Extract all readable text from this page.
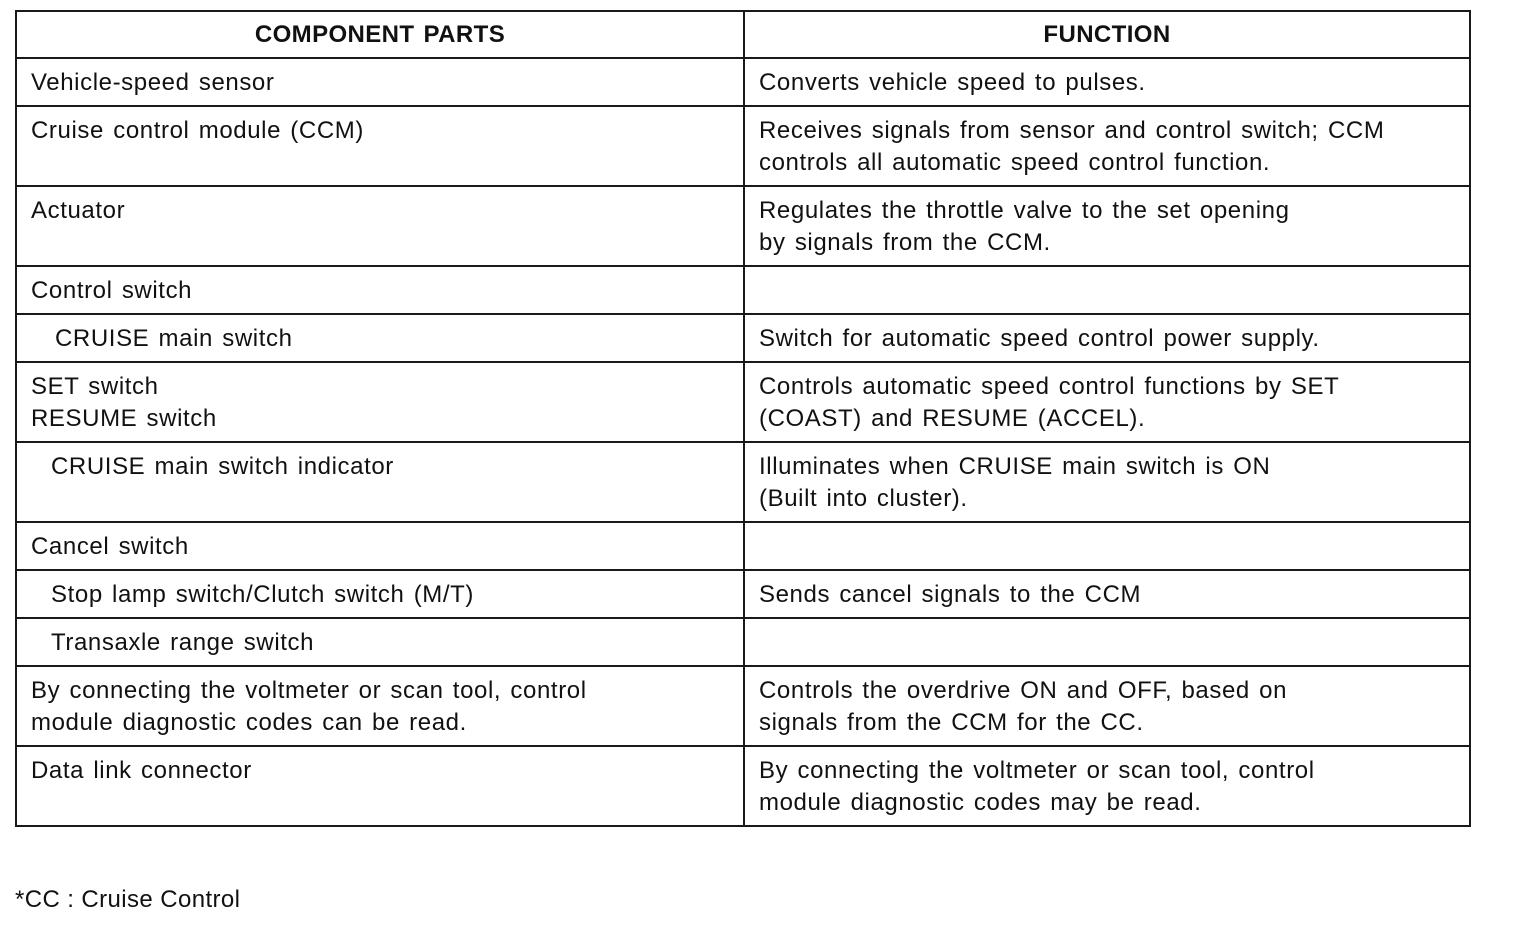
COMPONENT PARTS	FUNCTION
Vehicle-speed sensor	Converts vehicle speed to pulses.
Cruise control module (CCM)	Receives signals from sensor and control switch; CCM
controls all automatic speed control function.
Actuator	Regulates the throttle valve to the set opening
by signals from the CCM.
Control switch	
CRUISE main switch	Switch for automatic speed control power supply.
SET switch
RESUME switch	Controls automatic speed control functions by SET
(COAST) and RESUME (ACCEL).
CRUISE main switch indicator	Illuminates when CRUISE main switch is ON
(Built into cluster).
Cancel switch	
Stop lamp switch/Clutch switch (M/T)	Sends cancel signals to the CCM
Transaxle range switch	
By connecting the voltmeter or scan tool, control
module diagnostic codes can be read.	Controls the overdrive ON and OFF, based on
signals from the CCM for the CC.
Data link connector	By connecting the voltmeter or scan tool, control
module diagnostic codes may be read.
*CC : Cruise Control
